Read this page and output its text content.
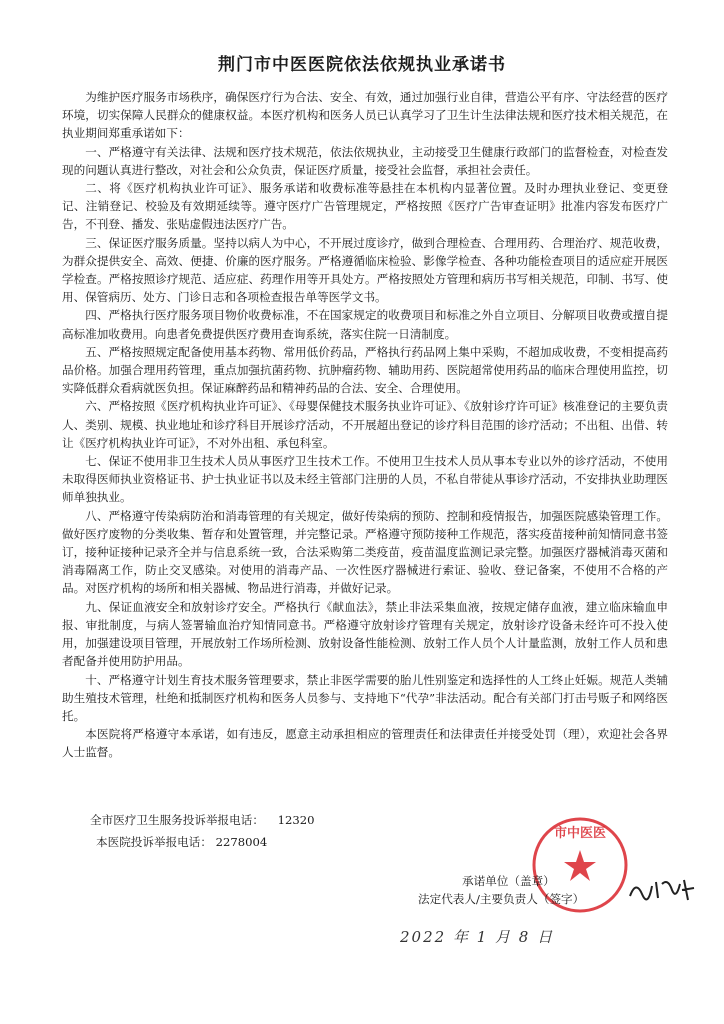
荆门市中医医院依法依规执业承诺书

为维护医疗服务市场秩序，确保医疗行为合法、安全、有效，通过加强行业自律，营造公平有序、守法经营的医疗环境，切实保障人民群众的健康权益。本医疗机构和医务人员已认真学习了卫生计生法律法规和医疗技术相关规范，在执业期间郑重承诺如下：

一、严格遵守有关法律、法规和医疗技术规范，依法依规执业，主动接受卫生健康行政部门的监督检查，对检查发现的问题认真进行整改，对社会和公众负责，保证医疗质量，接受社会监督，承担社会责任。

二、将《医疗机构执业许可证》、服务承诺和收费标准等悬挂在本机构内显著位置。及时办理执业登记、变更登记、注销登记、校验及有效期延续等。遵守医疗广告管理规定，严格按照《医疗广告审查证明》批准内容发布医疗广告，不刊登、播发、张贴虚假违法医疗广告。

三、保证医疗服务质量。坚持以病人为中心，不开展过度诊疗，做到合理检查、合理用药、合理治疗、规范收费，为群众提供安全、高效、便捷、价廉的医疗服务。严格遵循临床检验、影像学检查、各种功能检查项目的适应症开展医学检查。严格按照诊疗规范、适应症、药理作用等开具处方。严格按照处方管理和病历书写相关规范，印制、书写、使用、保管病历、处方、门诊日志和各项检查报告单等医学文书。

四、严格执行医疗服务项目物价收费标准，不在国家规定的收费项目和标准之外自立项目、分解项目收费或擅自提高标准加收费用。向患者免费提供医疗费用查询系统，落实住院一日清制度。

五、严格按照规定配备使用基本药物、常用低价药品，严格执行药品网上集中采购，不超加成收费，不变相提高药品价格。加强合理用药管理，重点加强抗菌药物、抗肿瘤药物、辅助用药、医院超常使用药品的临床合理使用监控，切实降低群众看病就医负担。保证麻醉药品和精神药品的合法、安全、合理使用。

六、严格按照《医疗机构执业许可证》、《母婴保健技术服务执业许可证》、《放射诊疗许可证》核准登记的主要负责人、类别、规模、执业地址和诊疗科目开展诊疗活动，不开展超出登记的诊疗科目范围的诊疗活动；不出租、出借、转让《医疗机构执业许可证》，不对外出租、承包科室。

七、保证不使用非卫生技术人员从事医疗卫生技术工作。不使用卫生技术人员从事本专业以外的诊疗活动，不使用未取得医师执业资格证书、护士执业证书以及未经主管部门注册的人员，不私自带徒从事诊疗活动，不安排执业助理医师单独执业。

八、严格遵守传染病防治和消毒管理的有关规定，做好传染病的预防、控制和疫情报告，加强医院感染管理工作。做好医疗废物的分类收集、暂存和处置管理，并完整记录。严格遵守预防接种工作规范，落实疫苗接种前知情同意书签订，接种证接种记录齐全并与信息系统一致，合法采购第二类疫苗，疫苗温度监测记录完整。加强医疗器械消毒灭菌和消毒隔离工作，防止交叉感染。对使用的消毒产品、一次性医疗器械进行索证、验收、登记备案，不使用不合格的产品。对医疗机构的场所和相关器械、物品进行消毒，并做好记录。

九、保证血液安全和放射诊疗安全。严格执行《献血法》，禁止非法采集血液，按规定储存血液，建立临床输血申报、审批制度，与病人签署输血治疗知情同意书。严格遵守放射诊疗管理有关规定，放射诊疗设备未经许可不投入使用，加强建设项目管理，开展放射工作场所检测、放射设备性能检测、放射工作人员个人计量监测，放射工作人员和患者配备并使用防护用品。

十、严格遵守计划生育技术服务管理要求，禁止非医学需要的胎儿性别鉴定和选择性的人工终止妊娠。规范人类辅助生殖技术管理，杜绝和抵制医疗机构和医务人员参与、支持地下“代孕”非法活动。配合有关部门打击号贩子和网络医托。

本医院将严格遵守本承诺，如有违反，愿意主动承担相应的管理责任和法律责任并接受处罚（理），欢迎社会各界人士监督。

全市医疗卫生服务投诉举报电话： 12320
本医院投诉举报电话： 2278004
市中医医
承诺单位（盖章）
法定代表人/主要负责人（签字）
2022 年 1 月 8 日
